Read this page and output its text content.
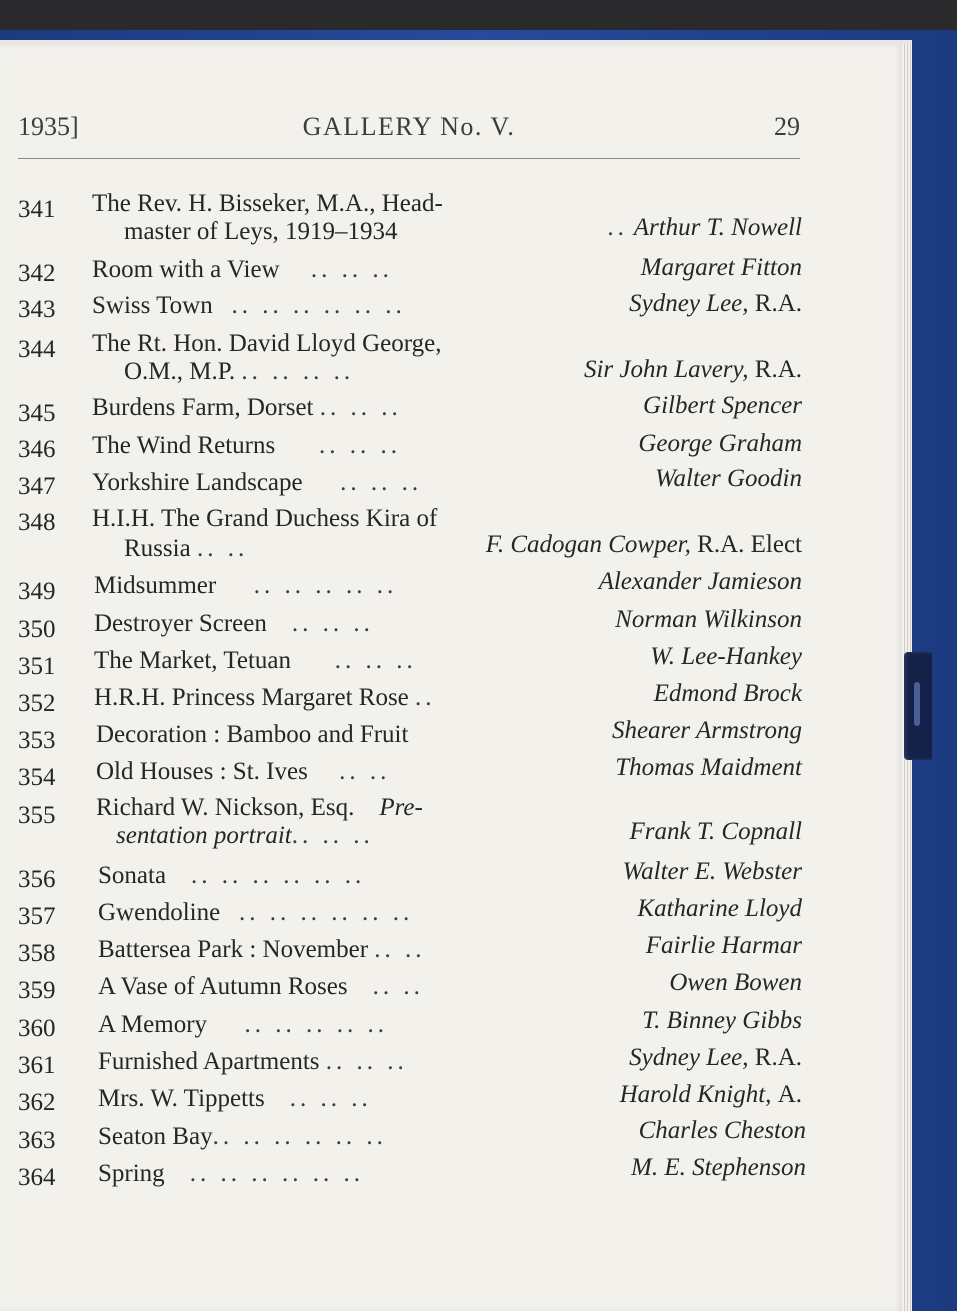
1935]	GALLERY No. V.	29
341	The Rev. H. Bisseker, M.A., Head-
master of Leys, 1919–1934	.. Arthur T. Nowell
342	Room with a View .. .. ..	Margaret Fitton
343	Swiss Town .. .. .. .. .. ..	Sydney Lee, R.A.
344	The Rt. Hon. David Lloyd George,
O.M., M.P. .. .. .. ..	Sir John Lavery, R.A.
345	Burdens Farm, Dorset .. .. ..	Gilbert Spencer
346	The Wind Returns .. .. ..	George Graham
347	Yorkshire Landscape .. .. ..	Walter Goodin
348	H.I.H. The Grand Duchess Kira of
Russia .. ..	F. Cadogan Cowper, R.A. Elect
349	Midsummer .. .. .. .. ..	Alexander Jamieson
350	Destroyer Screen .. .. ..	Norman Wilkinson
351	The Market, Tetuan .. .. ..	W. Lee-Hankey
352	H.R.H. Princess Margaret Rose ..	Edmond Brock
353	Decoration : Bamboo and Fruit	Shearer Armstrong
354	Old Houses : St. Ives .. ..	Thomas Maidment
355	Richard W. Nickson, Esq.    Pre-
sentation portrait.. .. ..	Frank T. Copnall
356	Sonata .. .. .. .. .. ..	Walter E. Webster
357	Gwendoline .. .. .. .. .. ..	Katharine Lloyd
358	Battersea Park : November .. ..	Fairlie Harmar
359	A Vase of Autumn Roses .. ..	Owen Bowen
360	A Memory .. .. .. .. ..	T. Binney Gibbs
361	Furnished Apartments .. .. ..	Sydney Lee, R.A.
362	Mrs. W. Tippetts .. .. ..	Harold Knight, A.
363	Seaton Bay.. .. .. .. .. ..	Charles Cheston
364	Spring .. .. .. .. .. ..	M. E. Stephenson
